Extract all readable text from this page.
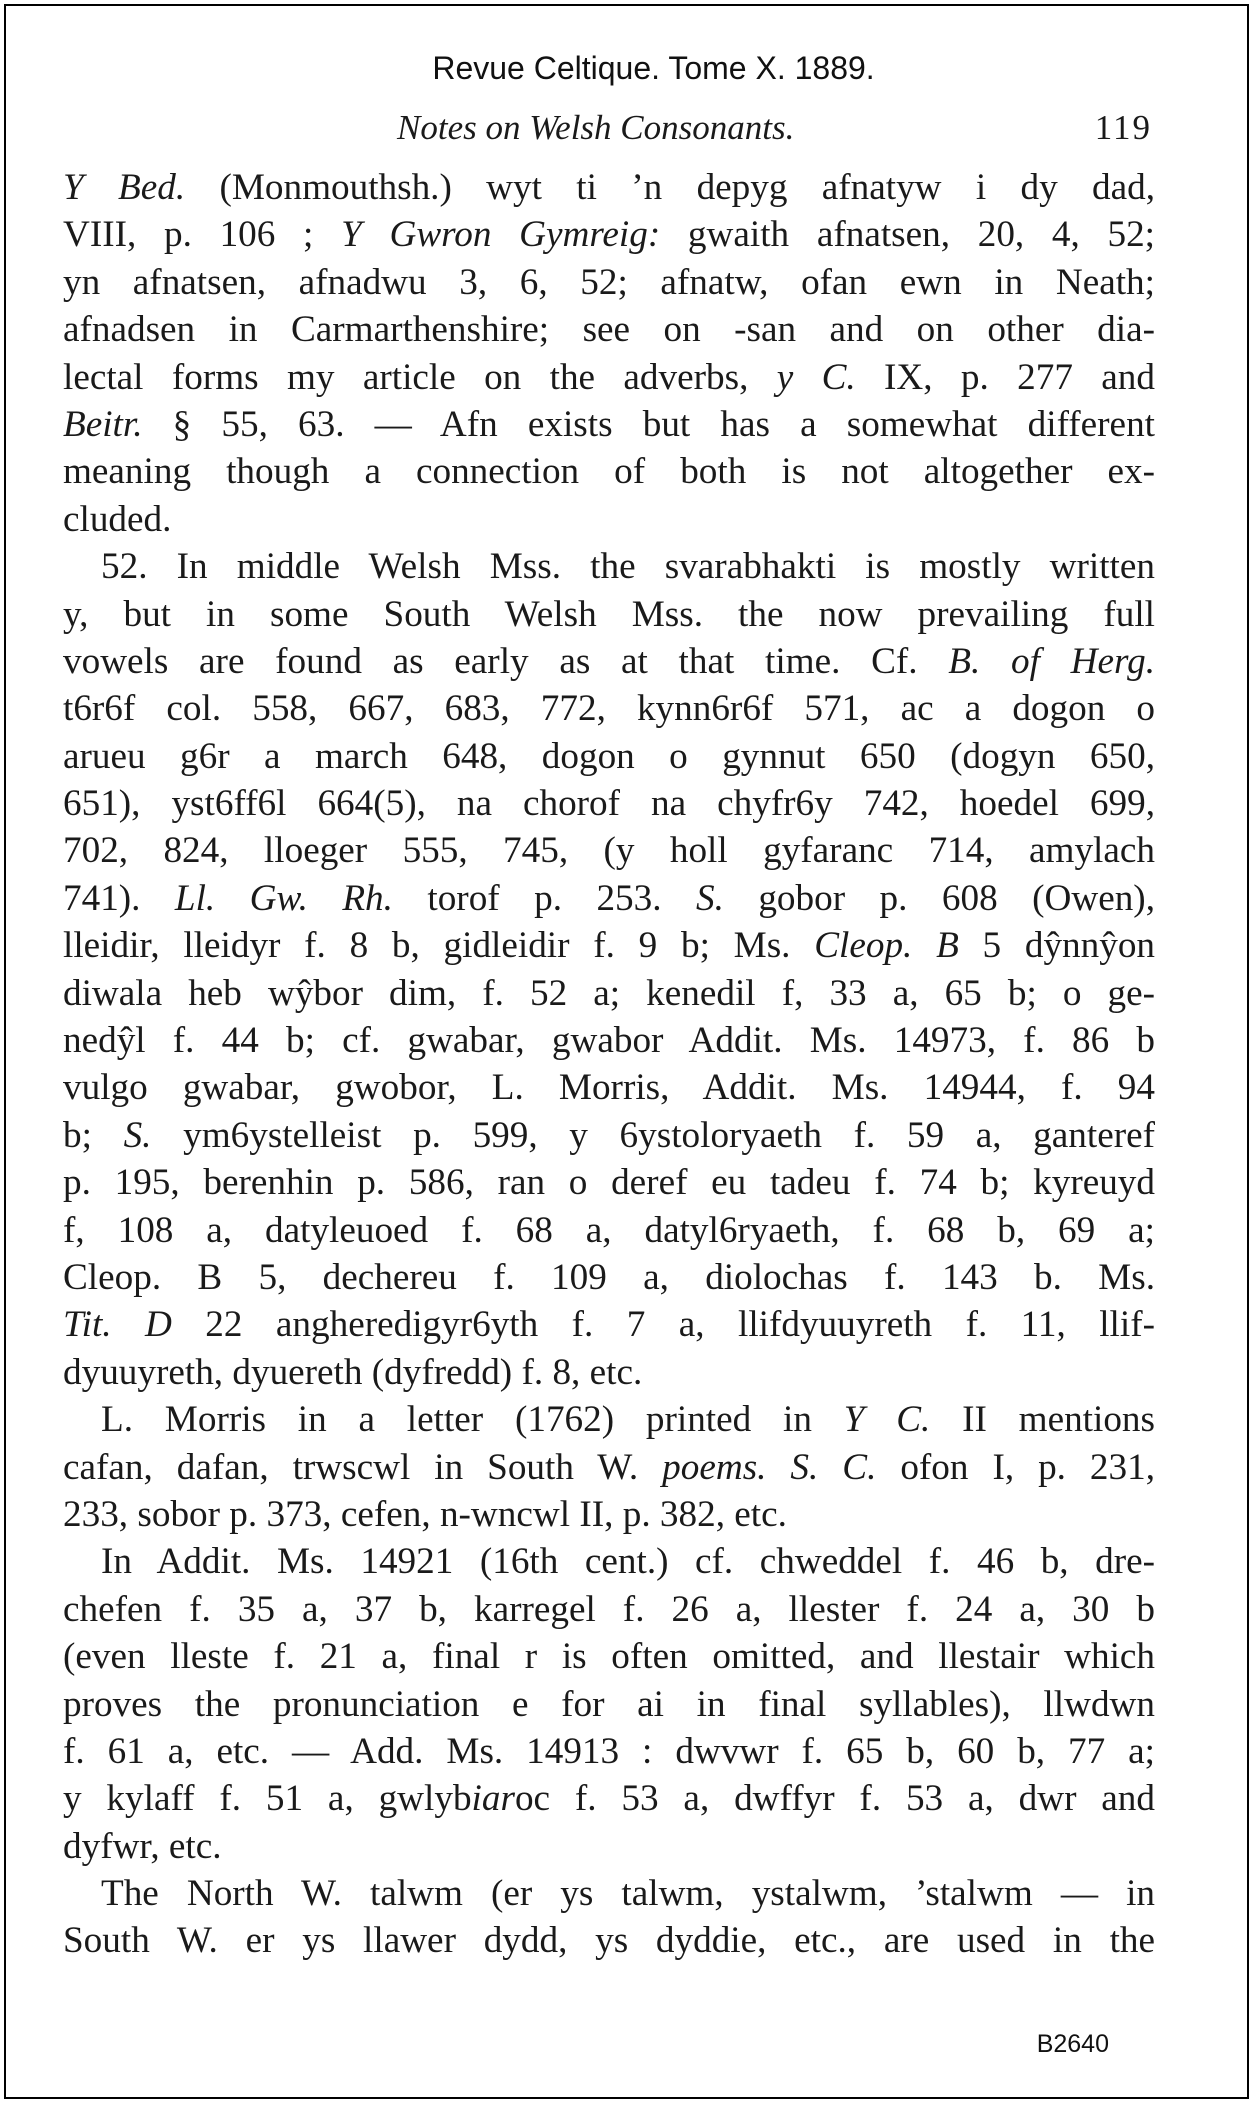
Revue Celtique. Tome X. 1889.
Notes on Welsh Consonants.	119
Y Bed. (Monmouthsh.) wyt ti ’n depyg afnatyw i dy dad,
VIII, p. 106 ; Y Gwron Gymreig: gwaith afnatsen, 20, 4, 52;
yn afnatsen, afnadwu 3, 6, 52; afnatw, ofan ewn in Neath;
afnadsen in Carmarthenshire; see on -san and on other dia-
lectal forms my article on the adverbs, y C. IX, p. 277 and
Beitr. § 55, 63. — Afn exists but has a somewhat different
meaning though a connection of both is not altogether ex-
cluded.
52. In middle Welsh Mss. the svarabhakti is mostly written
y, but in some South Welsh Mss. the now prevailing full
vowels are found as early as at that time. Cf. B. of Herg.
t6r6f col. 558, 667, 683, 772, kynn6r6f 571, ac a dogon o
arueu g6r a march 648, dogon o gynnut 650 (dogyn 650,
651), yst6ff6l 664(5), na chorof na chyfr6y 742, hoedel 699,
702, 824, lloeger 555, 745, (y holl gyfaranc 714, amylach
741). Ll. Gw. Rh. torof p. 253. S. gobor p. 608 (Owen),
lleidir, lleidyr f. 8 b, gidleidir f. 9 b; Ms. Cleop. B 5 dŷnnŷon
diwala heb wŷbor dim, f. 52 a; kenedil f, 33 a, 65 b; o ge-
nedŷl f. 44 b; cf. gwabar, gwabor Addit. Ms. 14973, f. 86 b
vulgo gwabar, gwobor, L. Morris, Addit. Ms. 14944, f. 94
b; S. ym6ystelleist p. 599, y 6ystoloryaeth f. 59 a, ganteref
p. 195, berenhin p. 586, ran o deref eu tadeu f. 74 b; kyreuyd
f, 108 a, datyleuoed f. 68 a, datyl6ryaeth, f. 68 b, 69 a;
Cleop. B 5, dechereu f. 109 a, diolochas f. 143 b. Ms.
Tit. D 22 angheredigyr6yth f. 7 a, llifdyuuyreth f. 11, llif-
dyuuyreth, dyuereth (dyfredd) f. 8, etc.
L. Morris in a letter (1762) printed in Y C. II mentions
cafan, dafan, trwscwl in South W. poems. S. C. ofon I, p. 231,
233, sobor p. 373, cefen, n-wncwl II, p. 382, etc.
In Addit. Ms. 14921 (16th cent.) cf. chweddel f. 46 b, dre-
chefen f. 35 a, 37 b, karregel f. 26 a, llester f. 24 a, 30 b
(even lleste f. 21 a, final r is often omitted, and llestair which
proves the pronunciation e for ai in final syllables), llwdwn
f. 61 a, etc. — Add. Ms. 14913 : dwvwr f. 65 b, 60 b, 77 a;
y kylaff f. 51 a, gwlybiaroc f. 53 a, dwffyr f. 53 a, dwr and
dyfwr, etc.
The North W. talwm (er ys talwm, ystalwm, ’stalwm — in
South W. er ys llawer dydd, ys dyddie, etc., are used in the
B2640
